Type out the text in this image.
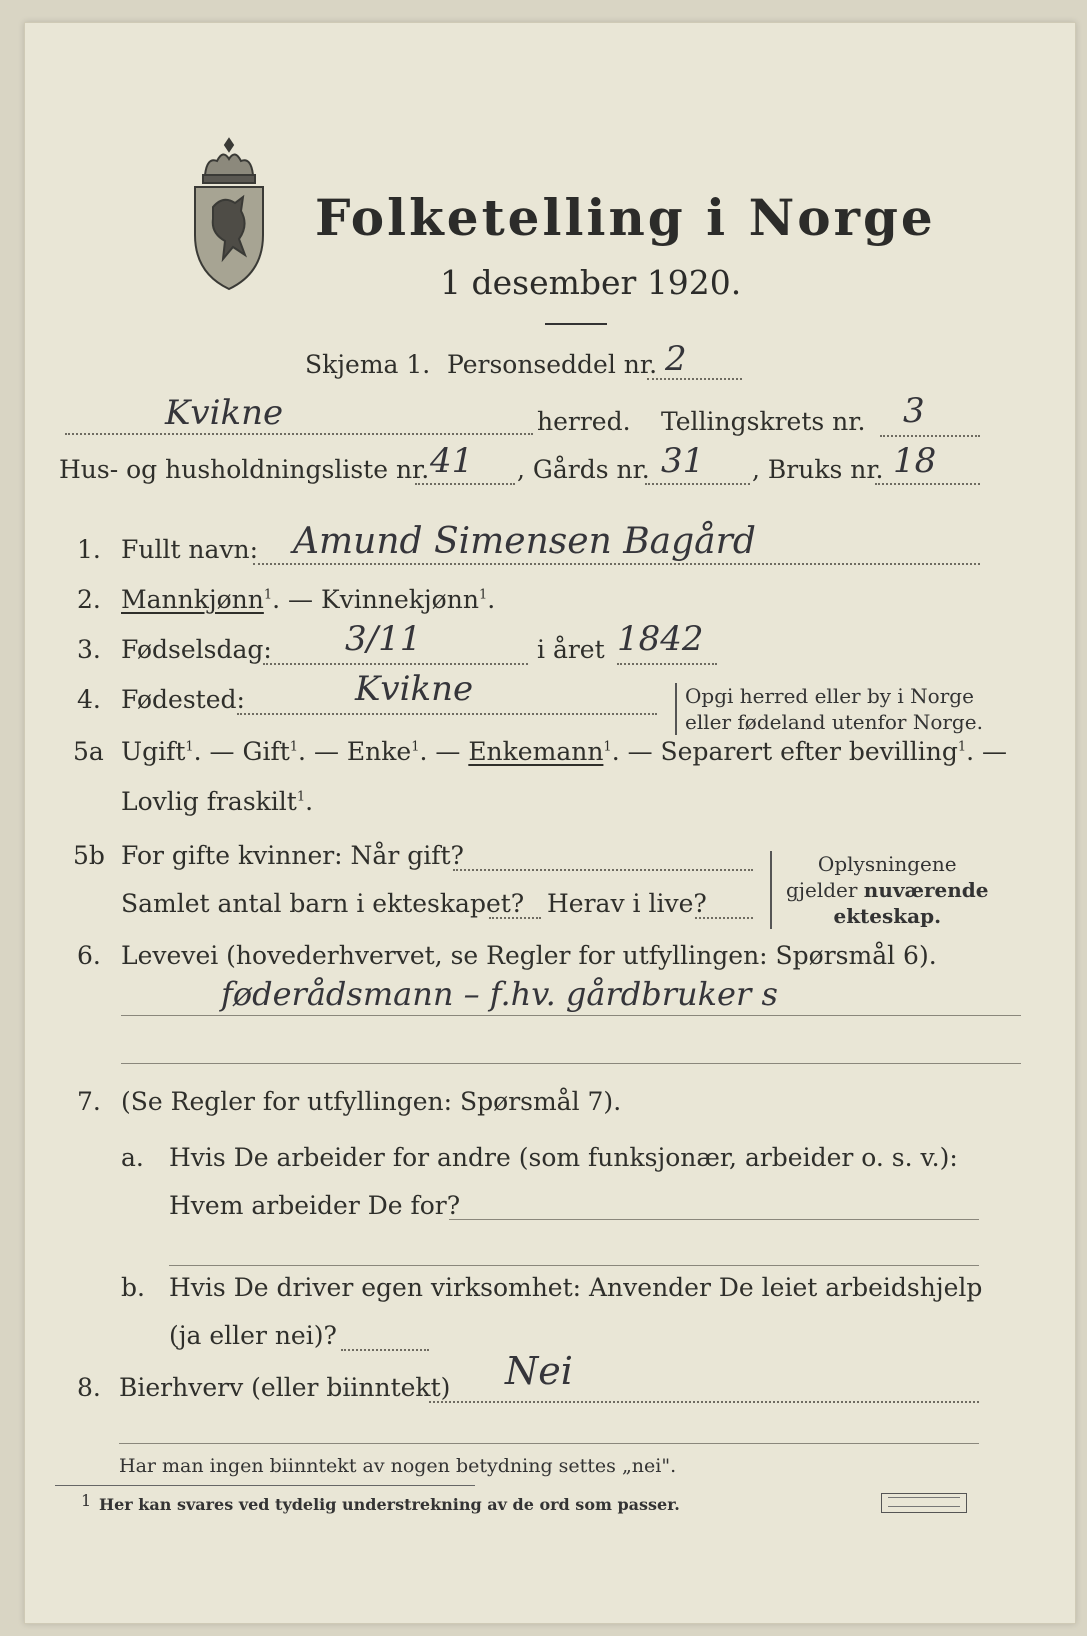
Folketelling i Norge
1 desember 1920.
Skjema 1. Personseddel nr. 2
Kvikne	herred. Tellingskrets nr. 3
Hus- og husholdningsliste nr. 41 , Gårds nr. 31 , Bruks nr. 18
1. Fullt navn: Amund Simensen Bagård
2. Mannkjønn$^1$. — Kvinnekjønn$^1$.
3. Fødselsdag: 3/11	i året 1842
4. Fødested:	Kvikne	Opgi herred eller by i Norge
eller fødeland utenfor Norge.
5a Ugift$^1$. — Gift$^1$. — Enke$^1$. — Enkemann$^1$. — Separert efter bevilling$^1$. —
Lovlig fraskilt$^1$.
5b For gifte kvinner: Når gift?
Samlet antal barn i ekteskapet? Herav i live?
Oplysningene
gjelder nuværende
ekteskap.
6. Levevei (hovederhvervet, se Regler for utfyllingen: Spørsmål 6).
føderådsmann – f.hv. gårdbruker s
7. (Se Regler for utfyllingen: Spørsmål 7).
a. Hvis De arbeider for andre (som funksjonær, arbeider o. s. v.):
Hvem arbeider De for?
b. Hvis De driver egen virksomhet: Anvender De leiet arbeidshjelp
(ja eller nei)?
8. Bierhverv (eller biinntekt) Nei
Har man ingen biinntekt av nogen betydning settes „nei".
1 Her kan svares ved tydelig understrekning av de ord som passer.
